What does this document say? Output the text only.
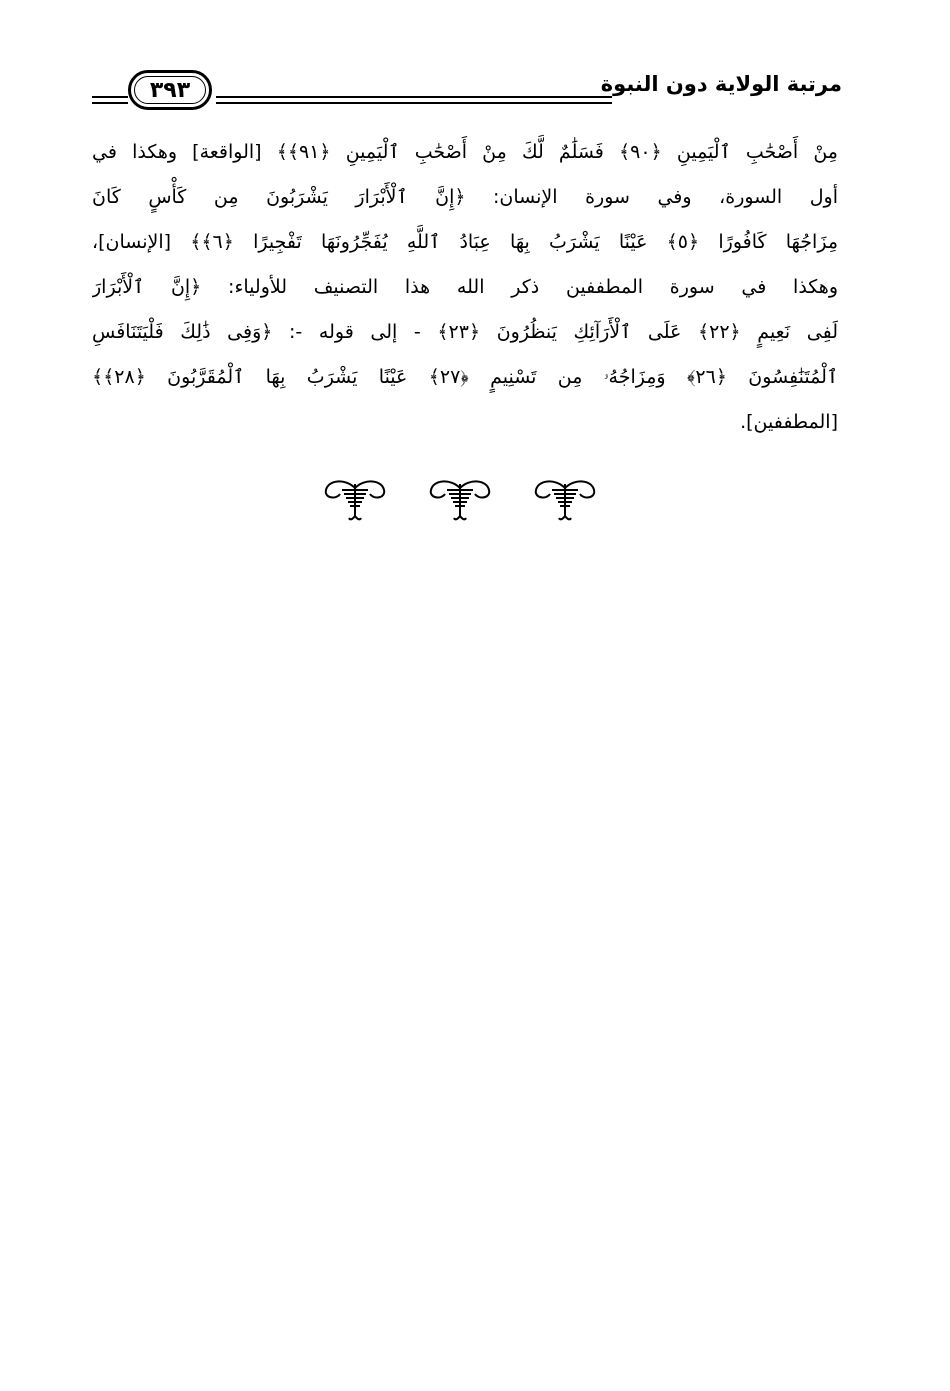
مرتبة الولاية دون النبوة
٣٩٣
مِنْ أَصْحَٰبِ ٱلْيَمِينِ ﴿٩٠﴾ فَسَلَٰمٌ لَّكَ مِنْ أَصْحَٰبِ ٱلْيَمِينِ ﴿٩١﴾﴾ [الواقعة] وهكذا في
أول السورة، وفي سورة الإنسان: ﴿إِنَّ ٱلْأَبْرَارَ يَشْرَبُونَ مِن كَأْسٍ كَانَ
مِزَاجُهَا كَافُورًا ﴿٥﴾ عَيْنًا يَشْرَبُ بِهَا عِبَادُ ٱللَّهِ يُفَجِّرُونَهَا تَفْجِيرًا ﴿٦﴾﴾ [الإنسان]،
وهكذا في سورة المطففين ذكر الله هذا التصنيف للأولياء: ﴿إِنَّ ٱلْأَبْرَارَ
لَفِى نَعِيمٍ ﴿٢٢﴾ عَلَى ٱلْأَرَآئِكِ يَنظُرُونَ ﴿٢٣﴾ - إلى قوله -: ﴿وَفِى ذَٰلِكَ فَلْيَتَنَافَسِ
ٱلْمُتَنَٰفِسُونَ ﴿٢٦﴾ وَمِزَاجُهُۥ مِن تَسْنِيمٍ ﴿٢٧﴾ عَيْنًا يَشْرَبُ بِهَا ٱلْمُقَرَّبُونَ ﴿٢٨﴾﴾
[المطففين].
